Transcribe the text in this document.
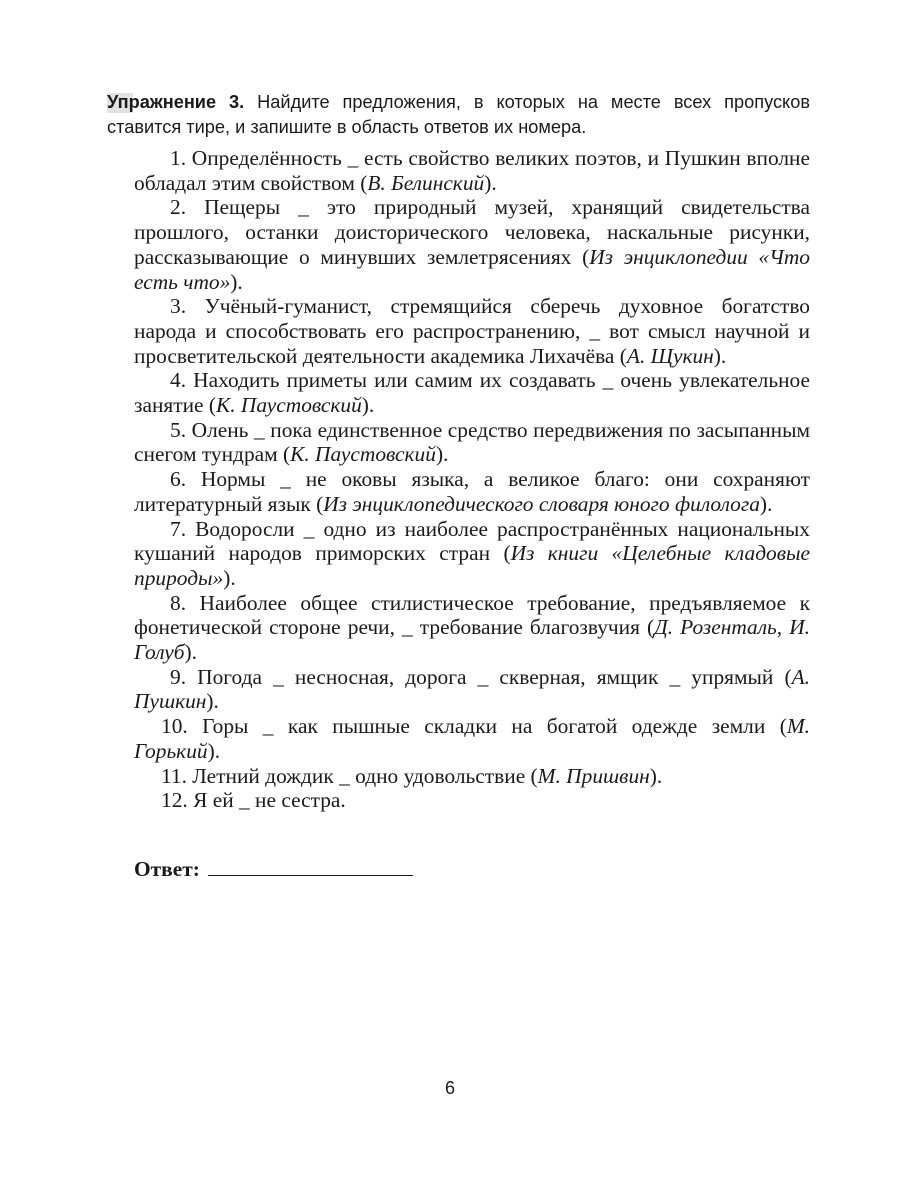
Упражнение 3. Найдите предложения, в которых на месте всех пропусков ставится тире, и запишите в область ответов их номера.
1. Определённость _ есть свойство великих поэтов, и Пушкин вполне обладал этим свойством (В. Белинский).
2. Пещеры _ это природный музей, хранящий свидетельства прошлого, останки доисторического человека, наскальные рисунки, рассказывающие о минувших землетрясениях (Из энциклопедии «Что есть что»).
3. Учёный-гуманист, стремящийся сберечь духовное богатство народа и способствовать его распространению, _ вот смысл научной и просветительской деятельности академика Лихачёва (А. Щукин).
4. Находить приметы или самим их создавать _ очень увлекательное занятие (К. Паустовский).
5. Олень _ пока единственное средство передвижения по засыпанным снегом тундрам (К. Паустовский).
6. Нормы _ не оковы языка, а великое благо: они сохраняют литературный язык (Из энциклопедического словаря юного филолога).
7. Водоросли _ одно из наиболее распространённых национальных кушаний народов приморских стран (Из книги «Целебные кладовые природы»).
8. Наиболее общее стилистическое требование, предъявляемое к фонетической стороне речи, _ требование благозвучия (Д. Розенталь, И. Голуб).
9. Погода _ несносная, дорога _ скверная, ямщик _ упрямый (А. Пушкин).
10. Горы _ как пышные складки на богатой одежде земли (М. Горький).
11. Летний дождик _ одно удовольствие (М. Пришвин).
12. Я ей _ не сестра.
Ответ:
6
